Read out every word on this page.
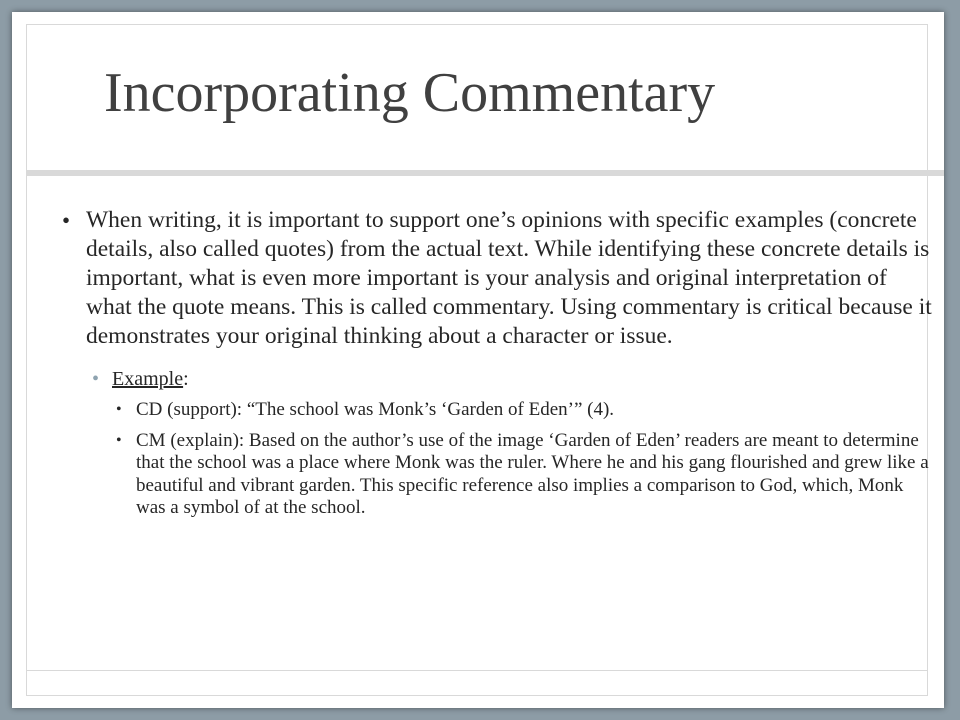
Incorporating Commentary

• When writing, it is important to support one’s opinions with specific examples (concrete details, also called quotes) from the actual text. While identifying these concrete details is important, what is even more important is your analysis and original interpretation of what the quote means. This is called commentary. Using commentary is critical because it demonstrates your original thinking about a character or issue.

• Example:

• CD (support): “The school was Monk’s ‘Garden of Eden’” (4).

• CM (explain): Based on the author’s use of the image ‘Garden of Eden’ readers are meant to determine that the school was a place where Monk was the ruler. Where he and his gang flourished and grew like a beautiful and vibrant garden. This specific reference also implies a comparison to God, which, Monk was a symbol of at the school.
